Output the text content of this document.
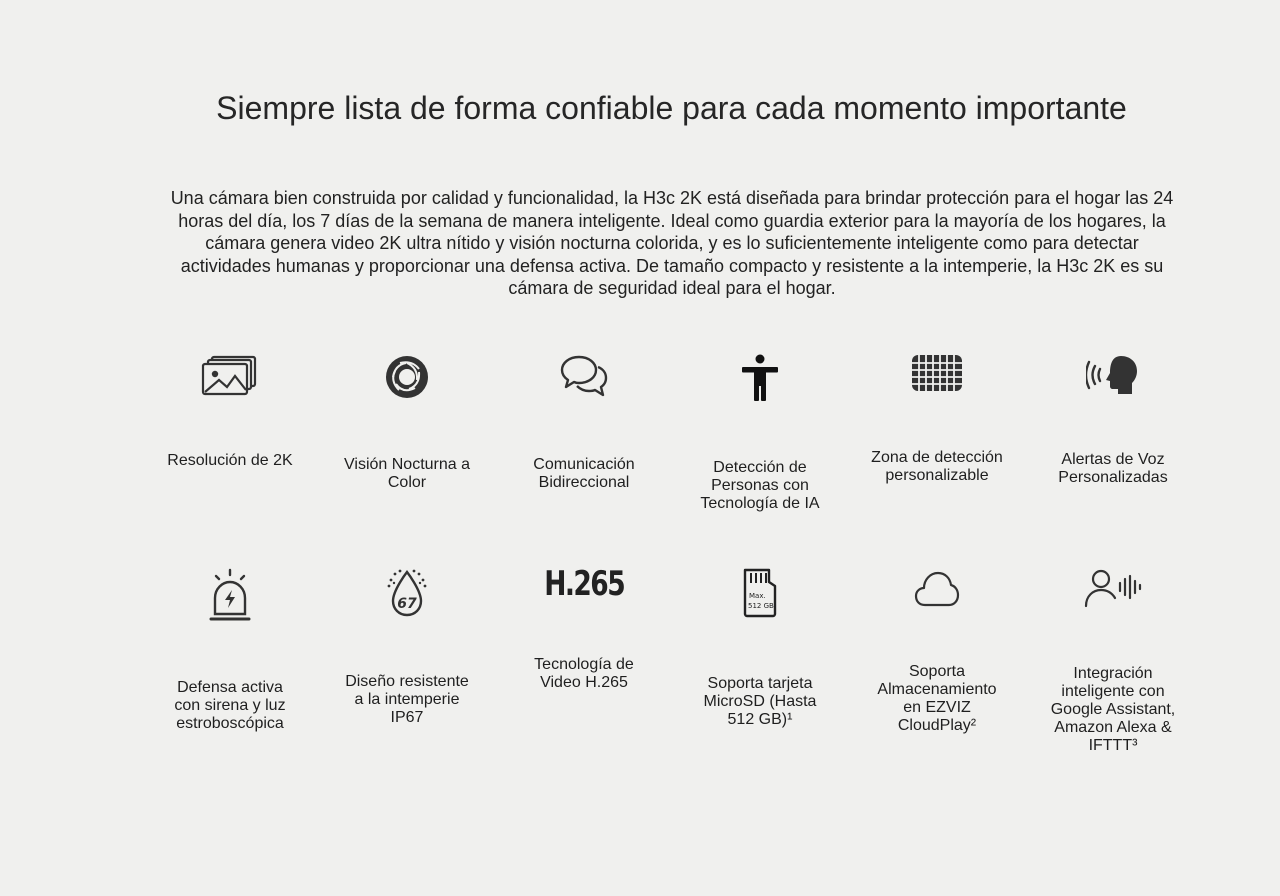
Siempre lista de forma confiable para cada momento importante

Una cámara bien construida por calidad y funcionalidad, la H3c 2K está diseñada para brindar protección para el hogar las 24 horas del día, los 7 días de la semana de manera inteligente. Ideal como guardia exterior para la mayoría de los hogares, la cámara genera video 2K ultra nítido y visión nocturna colorida, y es lo suficientemente inteligente como para detectar actividades humanas y proporcionar una defensa activa. De tamaño compacto y resistente a la intemperie, la H3c 2K es su cámara de seguridad ideal para el hogar.

Resolución de 2K	Visión Nocturna a Color
Comunicación Bidireccional
Detección de Personas con Tecnología de IA
Zona de detección personalizable
Alertas de Voz Personalizadas
Defensa activa con sirena y luz estroboscópica
67
Diseño resistente a la intemperie IP67
H.265
Tecnología de Video H.265
Max.
512 GB
Soporta tarjeta MicroSD (Hasta 512 GB)¹
Soporta Almacenamiento en EZVIZ CloudPlay²
Integración inteligente con Google Assistant, Amazon Alexa & IFTTT³
